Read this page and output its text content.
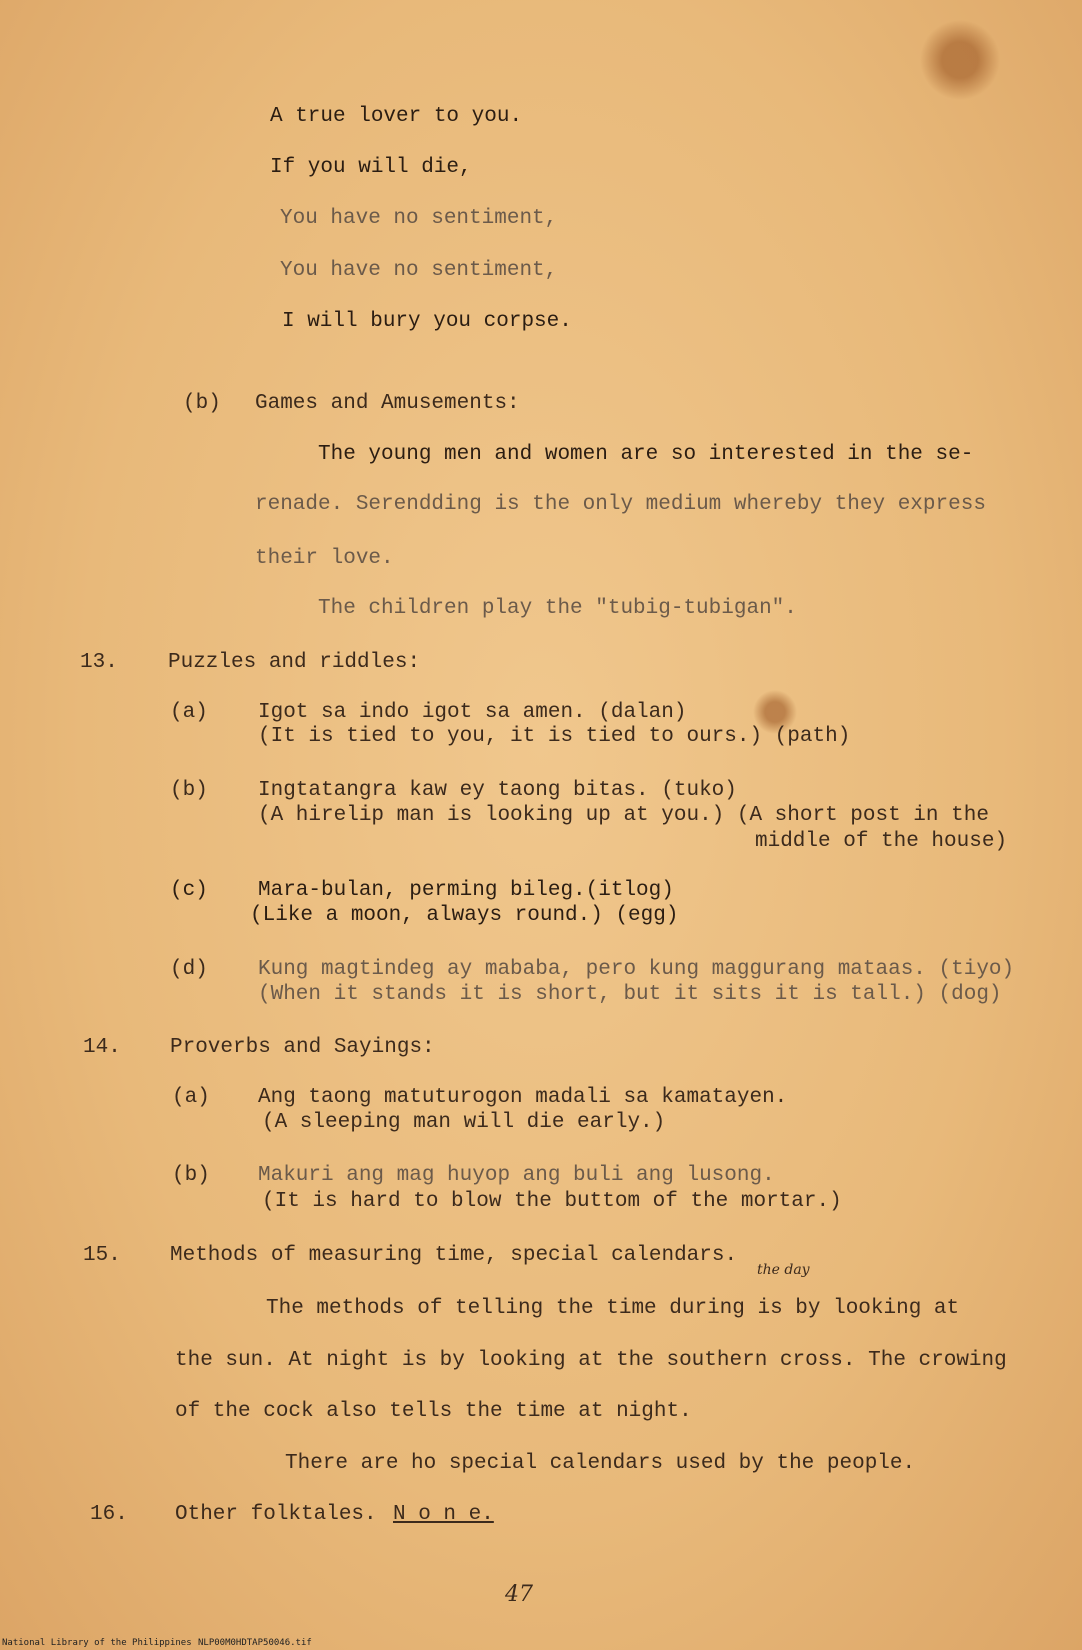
A true lover to you.
If you will die,
You have no sentiment,
You have no sentiment,
I will bury you corpse.
(b) Games and Amusements:
The young men and women are so interested in the se-
renade. Serendding is the only medium whereby they express
their love.
The children play the "tubig-tubigan".
13. Puzzles and riddles:
(a) Igot sa indo igot sa amen. (dalan)
(It is tied to you, it is tied to ours.) (path)
(b) Ingtatangra kaw ey taong bitas. (tuko)
(A hirelip man is looking up at you.) (A short post in the
middle of the house)
(c) Mara-bulan, perming bileg.(itlog)
(Like a moon, always round.) (egg)
(d) Kung magtindeg ay mababa, pero kung maggurang mataas. (tiyo)
(When it stands it is short, but it sits it is tall.) (dog)
14. Proverbs and Sayings:
(a) Ang taong matuturogon madali sa kamatayen.
(A sleeping man will die early.)
(b) Makuri ang mag huyop ang buli ang lusong.
(It is hard to blow the buttom of the mortar.)
15. Methods of measuring time, special calendars.
the day
The methods of telling the time during is by looking at
the sun. At night is by looking at the southern cross. The crowing
of the cock also tells the time at night.
There are ho special calendars used by the people.
16. Other folktales. N o n e.
47
National Library of the Philippines NLP00M0HDTAP50046.tif
